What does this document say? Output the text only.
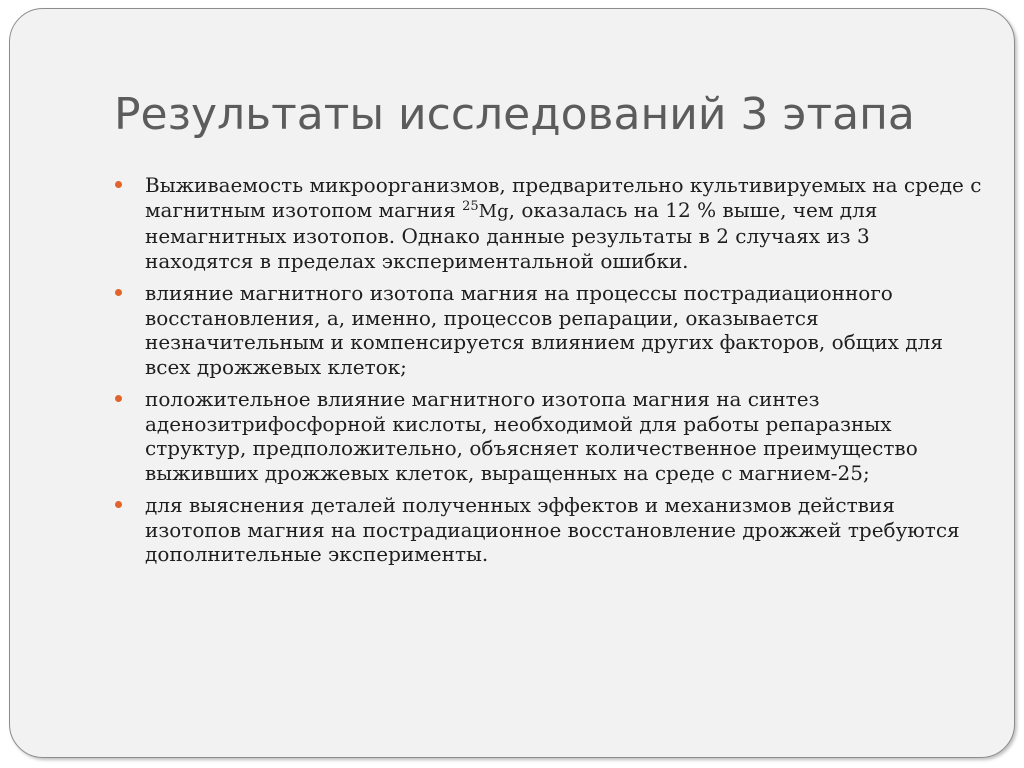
Результаты исследований 3 этапа
Выживаемость микроорганизмов, предварительно культивируемых на среде с магнитным изотопом магния $^{25}$Mg, оказалась на 12 % выше, чем для немагнитных изотопов. Однако данные результаты в 2 случаях из 3 находятся в пределах экспериментальной ошибки.
влияние магнитного изотопа магния на процессы пострадиационного восстановления, а, именно, процессов репарации, оказывается незначительным и компенсируется влиянием других факторов, общих для всех дрожжевых клеток;
положительное влияние магнитного изотопа магния на синтез аденозитрифосфорной кислоты, необходимой для работы репаразных структур, предположительно, объясняет количественное преимущество выживших дрожжевых клеток, выращенных на среде с магнием-25;
для выяснения деталей полученных эффектов и механизмов действия изотопов магния на пострадиационное восстановление дрожжей требуются дополнительные эксперименты.
